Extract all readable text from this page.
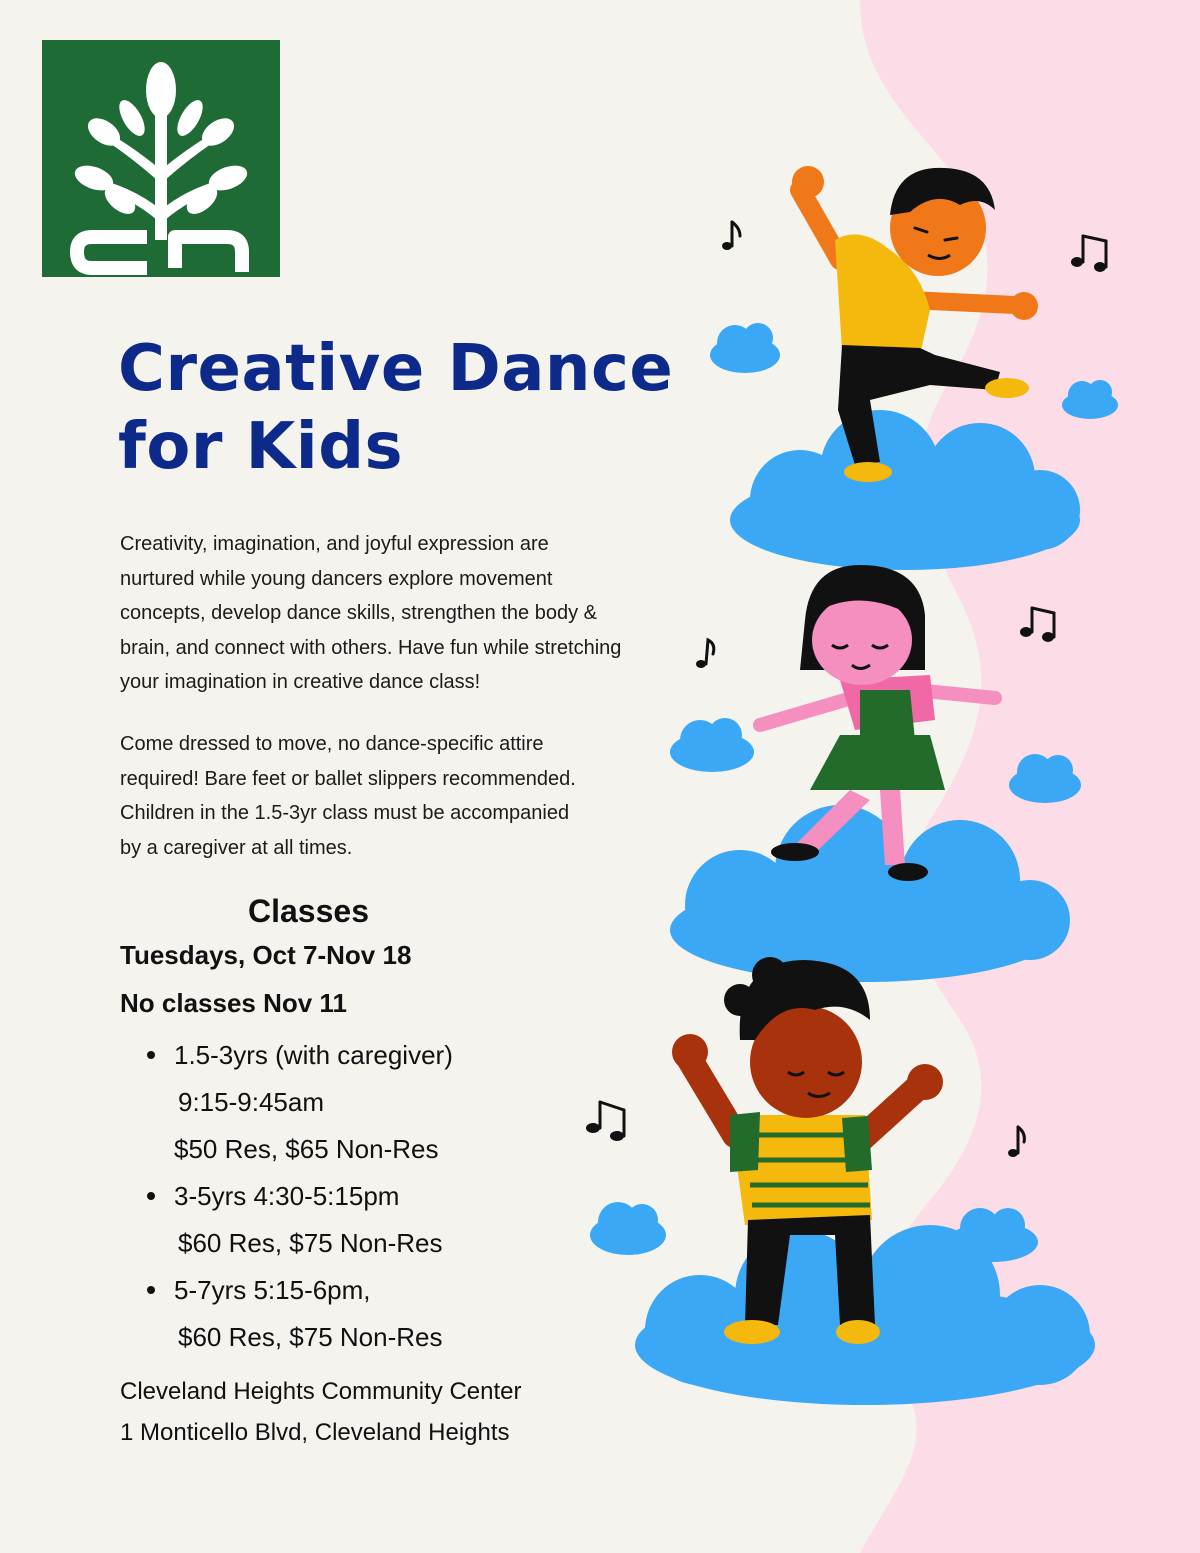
Creative Dance
for Kids

Creativity, imagination, and joyful expression are
nurtured while young dancers explore movement
concepts, develop dance skills, strengthen the body &
brain, and connect with others. Have fun while stretching
your imagination in creative dance class!

Come dressed to move, no dance-specific attire
required! Bare feet or ballet slippers recommended.
Children in the 1.5-3yr class must be accompanied
by a caregiver at all times.

Classes

Tuesdays, Oct 7-Nov 18

No classes Nov 11

1.5-3yrs (with caregiver)
9:15-9:45am
$50 Res, $65 Non-Res
3-5yrs 4:30-5:15pm
$60 Res, $75 Non-Res
5-7yrs 5:15-6pm,
$60 Res, $75 Non-Res

Cleveland Heights Community Center
1 Monticello Blvd, Cleveland Heights
